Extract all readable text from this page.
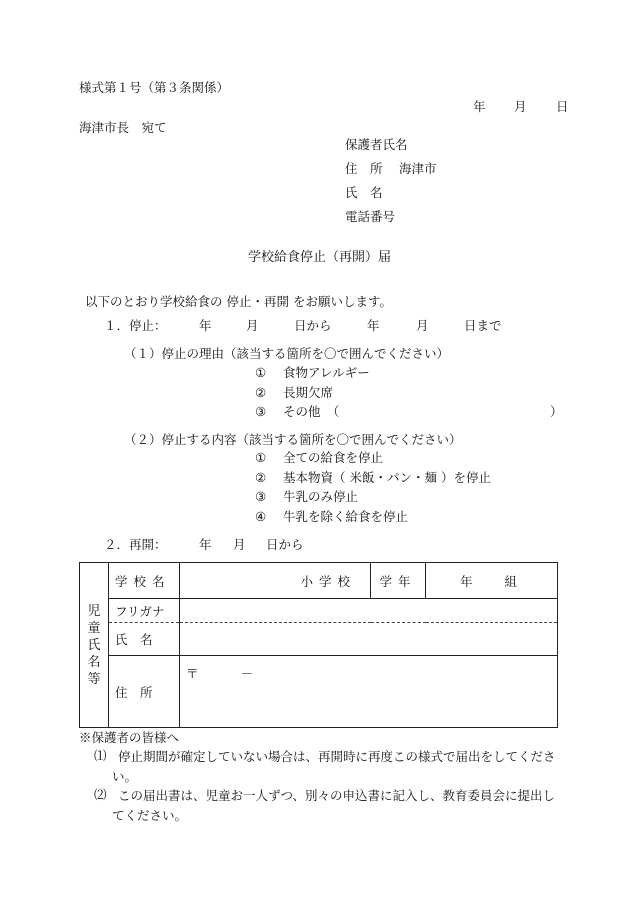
様式第１号（第３条関係）
年 月 日
海津市長　宛て
保護者氏名
住　所 海津市
氏　名
電話番号
学校給食停止（再開）届
以下のとおり学校給食の 停止・再開 をお願いします。
１．停止：	年	月	日から	年	月	日まで
（１）停止の理由（該当する箇所を〇で囲んでください）
① 食物アレルギー
② 長期欠席
③ その他　（	）
（２）停止する内容（該当する箇所を〇で囲んでください）
① 全ての給食を停止
② 基本物資（ 米飯・パン・麺 ）を停止
③ 牛乳のみ停止
④ 牛乳を除く給食を停止
２．再開：	年 月 日から
児童氏名等	学校名	小学校	学年	年 組
	フリガナ			
	氏　名			
	住　所	〒 －		
※保護者の皆様へ
⑴ 停止期間が確定していない場合は、再開時に再度この様式で届出をしてください。
⑵ この届出書は、児童お一人ずつ、別々の申込書に記入し、教育委員会に提出してください。
